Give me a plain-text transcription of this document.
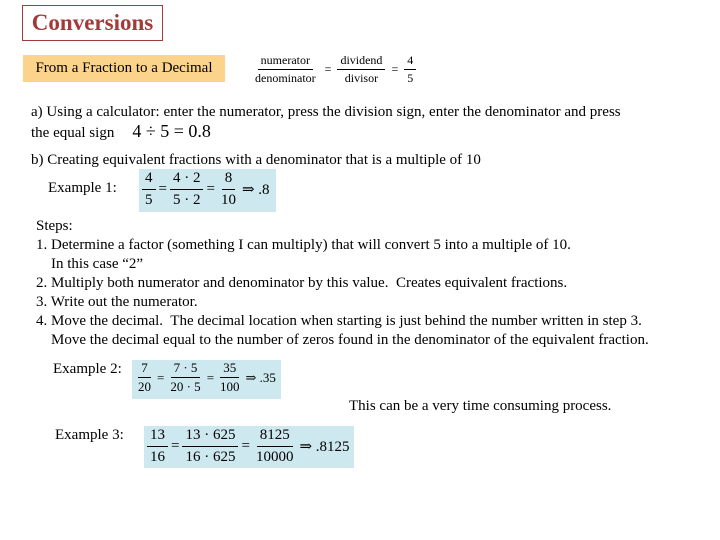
Conversions
From a Fraction to a Decimal	$\frac{\text{numerator}}{\text{denominator}} = \frac{\text{dividend}}{\text{divisor}} = \frac{4}{5}$
a) Using a calculator: enter the numerator, press the division sign, enter the denominator and press
the equal sign 4 ÷ 5 = 0.8
b) Creating equivalent fractions with a denominator that is a multiple of 10
Example 1: $\frac{4}{5} = \frac{4 \cdot 2}{5 \cdot 2} = \frac{8}{10}$ ⇒ .8
Steps:
1. Determine a factor (something I can multiply) that will convert 5 into a multiple of 10.
In this case “2”
2. Multiply both numerator and denominator by this value.  Creates equivalent fractions.
3. Write out the numerator.
4. Move the decimal.  The decimal location when starting is just behind the number written in step 3.
Move the decimal equal to the number of zeros found in the denominator of the equivalent fraction.
Example 2: $\frac{7}{20} = \frac{7 \cdot 5}{20 \cdot 5} = \frac{35}{100}$ ⇒ .35
This can be a very time consuming process.
Example 3: $\frac{13}{16} = \frac{13 \cdot 625}{16 \cdot 625} = \frac{8125}{10000}$ ⇒ .8125
